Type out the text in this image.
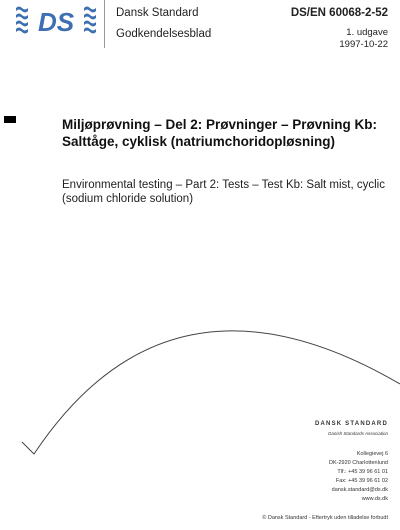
DS	Dansk Standard
Godkendelsesblad
DS/EN 60068-2-52
1. udgave
1997-10-22
Miljøprøvning – Del 2: Prøvninger – Prøvning Kb: Salttåge, cyklisk (natriumchoridopløsning)
Environmental testing – Part 2: Tests – Test Kb: Salt mist, cyclic (sodium chloride solution)
DANSK STANDARD
Danish Standards Association
Kollegievej 6
DK-2920 Charlottenlund
Tlf.: +45 39 96 61 01
Fax: +45 39 96 61 02
dansk.standard@ds.dk
www.ds.dk
© Dansk Standard - Eftertryk uden tilladelse forbudt
